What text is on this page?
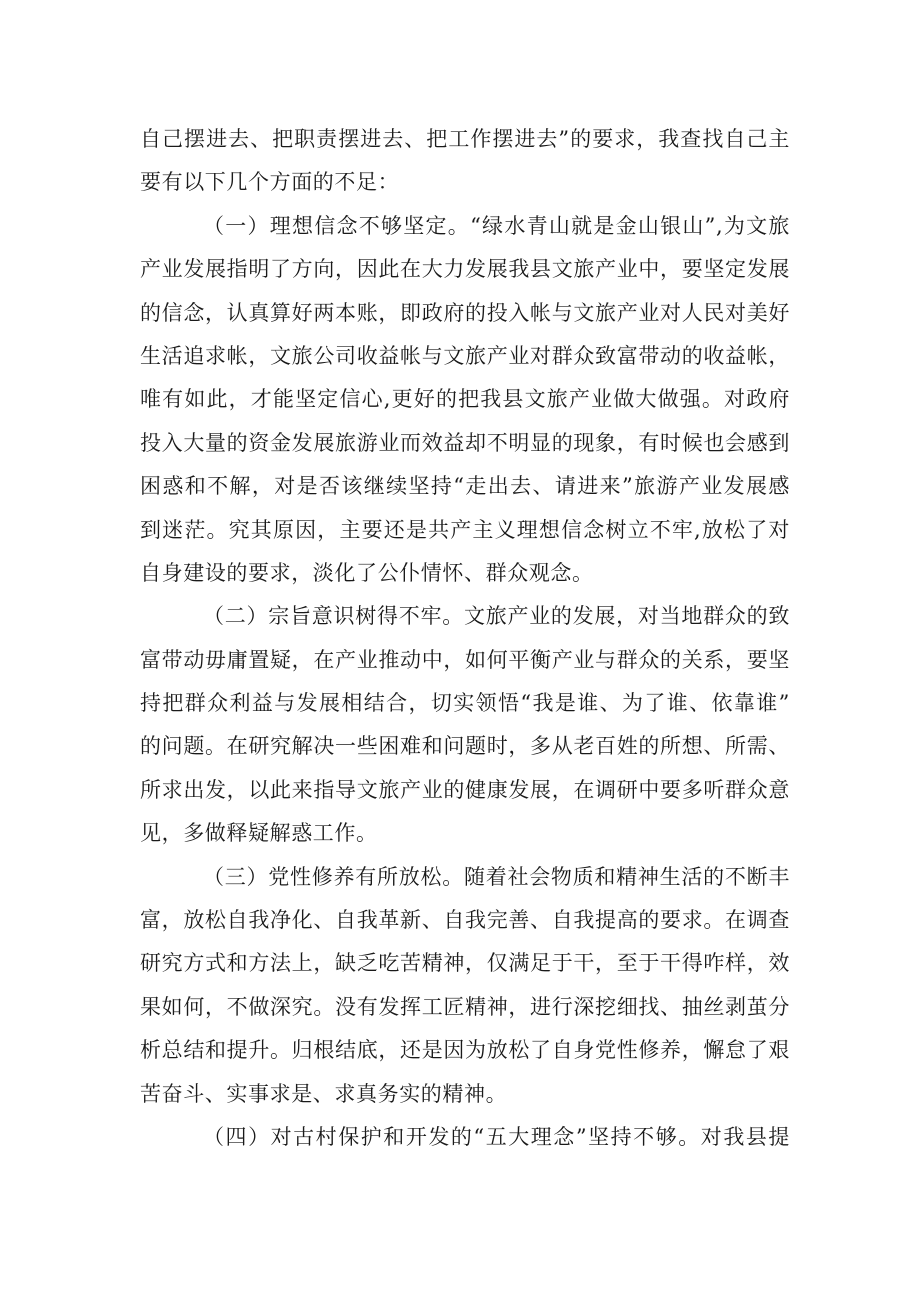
自己摆进去、把职责摆进去、把工作摆进去”的要求，我查找自己主
要有以下几个方面的不足：
（一）理想信念不够坚定。“绿水青山就是金山银山”,为文旅
产业发展指明了方向，因此在大力发展我县文旅产业中，要坚定发展
的信念，认真算好两本账，即政府的投入帐与文旅产业对人民对美好
生活追求帐，文旅公司收益帐与文旅产业对群众致富带动的收益帐，
唯有如此，才能坚定信心,更好的把我县文旅产业做大做强。对政府
投入大量的资金发展旅游业而效益却不明显的现象，有时候也会感到
困惑和不解，对是否该继续坚持“走出去、请进来”旅游产业发展感
到迷茫。究其原因，主要还是共产主义理想信念树立不牢,放松了对
自身建设的要求，淡化了公仆情怀、群众观念。
（二）宗旨意识树得不牢。文旅产业的发展，对当地群众的致
富带动毋庸置疑，在产业推动中，如何平衡产业与群众的关系，要坚
持把群众利益与发展相结合，切实领悟“我是谁、为了谁、依靠谁”
的问题。在研究解决一些困难和问题时，多从老百姓的所想、所需、
所求出发，以此来指导文旅产业的健康发展，在调研中要多听群众意
见，多做释疑解惑工作。
（三）党性修养有所放松。随着社会物质和精神生活的不断丰
富，放松自我净化、自我革新、自我完善、自我提高的要求。在调查
研究方式和方法上，缺乏吃苦精神，仅满足于干，至于干得咋样，效
果如何，不做深究。没有发挥工匠精神，进行深挖细找、抽丝剥茧分
析总结和提升。归根结底，还是因为放松了自身党性修养，懈怠了艰
苦奋斗、实事求是、求真务实的精神。
（四）对古村保护和开发的“五大理念”坚持不够。对我县提
